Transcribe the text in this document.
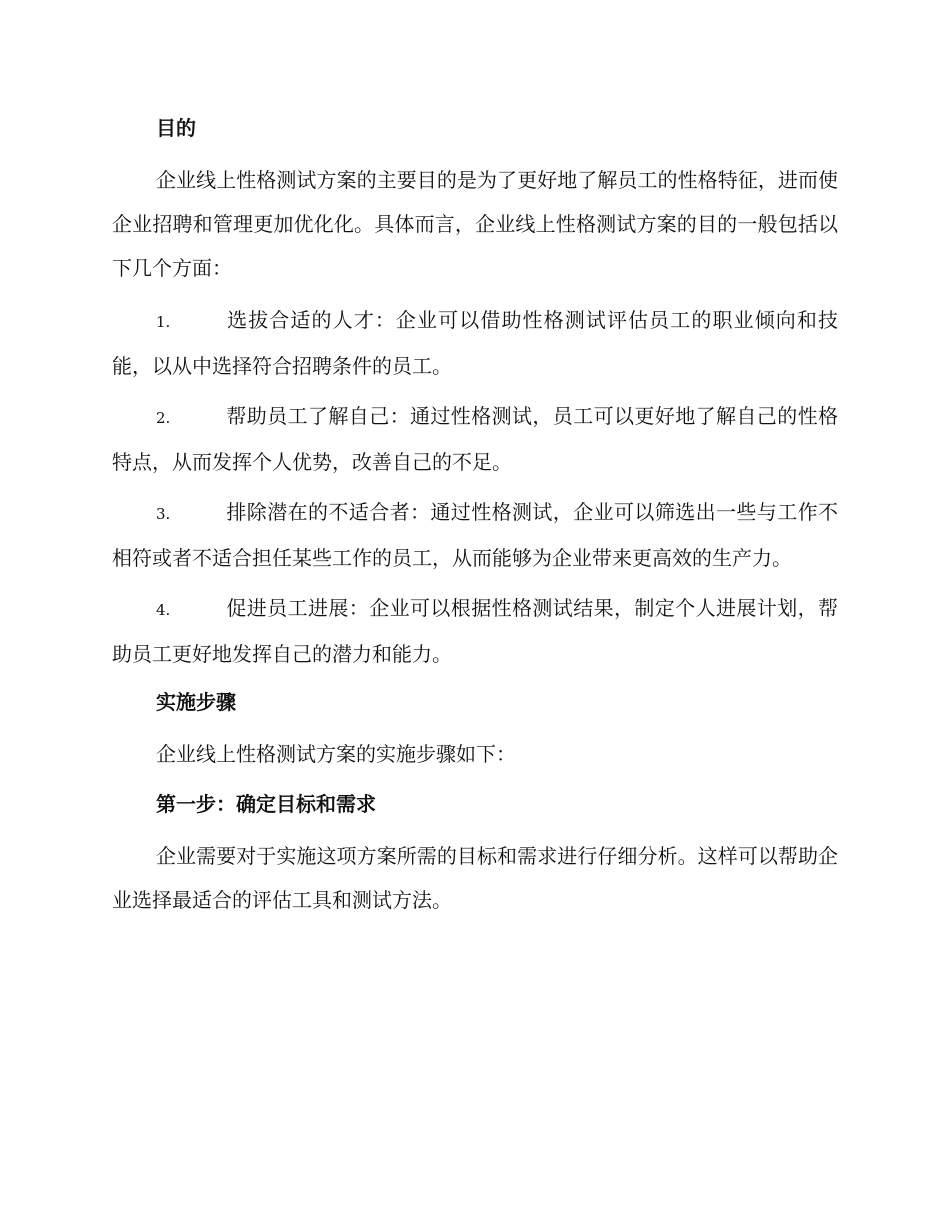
目的

企业线上性格测试方案的主要目的是为了更好地了解员工的性格特征，进而使企业招聘和管理更加优化化。具体而言，企业线上性格测试方案的目的一般包括以下几个方面：

1.	选拔合适的人才：企业可以借助性格测试评估员工的职业倾向和技能，以从中选择符合招聘条件的员工。
2.	帮助员工了解自己：通过性格测试，员工可以更好地了解自己的性格特点，从而发挥个人优势，改善自己的不足。
3.	排除潜在的不适合者：通过性格测试，企业可以筛选出一些与工作不相符或者不适合担任某些工作的员工，从而能够为企业带来更高效的生产力。
4.	促进员工进展：企业可以根据性格测试结果，制定个人进展计划，帮助员工更好地发挥自己的潜力和能力。
实施步骤

企业线上性格测试方案的实施步骤如下：

第一步：确定目标和需求

企业需要对于实施这项方案所需的目标和需求进行仔细分析。这样可以帮助企业选择最适合的评估工具和测试方法。
